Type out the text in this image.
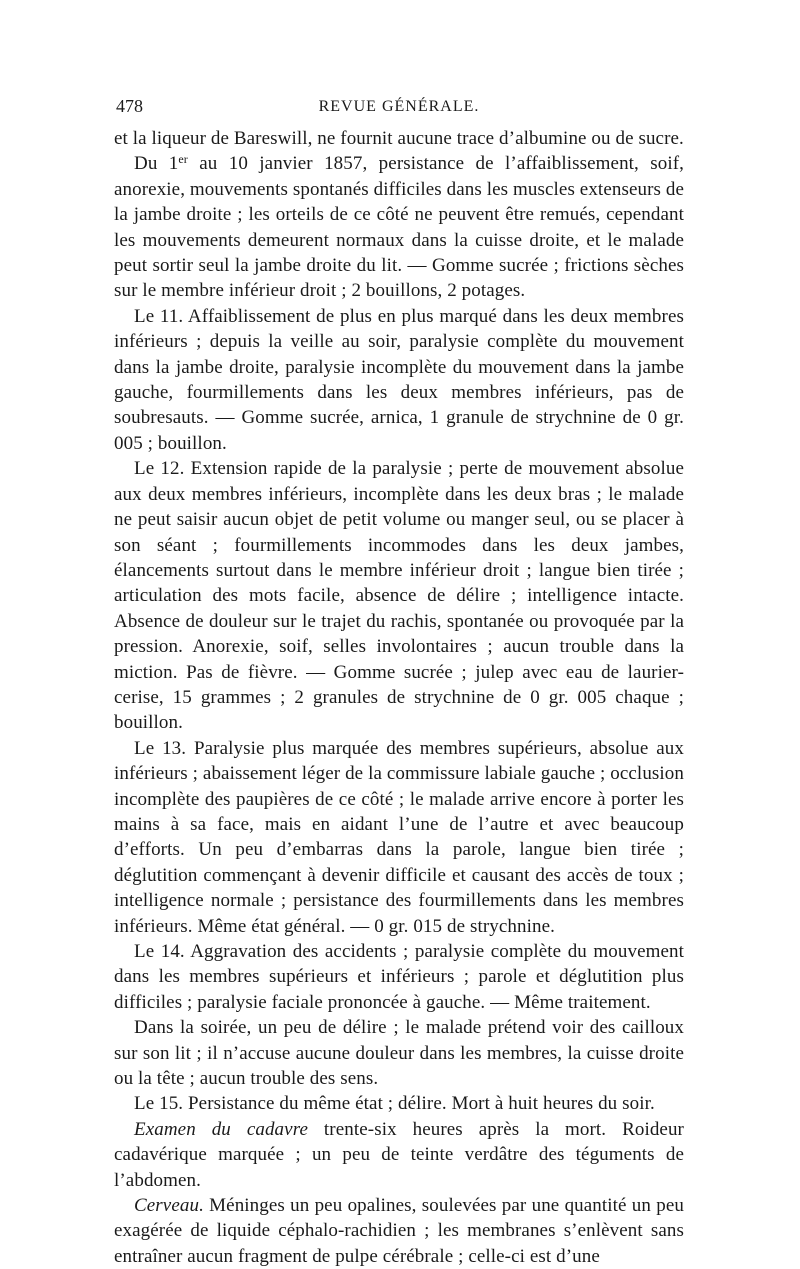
478	REVUE GÉNÉRALE.

et la liqueur de Bareswill, ne fournit aucune trace d’albumine ou de sucre.

Du 1er au 10 janvier 1857, persistance de l’affaiblissement, soif, anorexie, mouvements spontanés difficiles dans les muscles extenseurs de la jambe droite ; les orteils de ce côté ne peuvent être remués, cependant les mouvements demeurent normaux dans la cuisse droite, et le malade peut sortir seul la jambe droite du lit. — Gomme sucrée ; frictions sèches sur le membre inférieur droit ; 2 bouillons, 2 potages.

Le 11. Affaiblissement de plus en plus marqué dans les deux membres inférieurs ; depuis la veille au soir, paralysie complète du mouvement dans la jambe droite, paralysie incomplète du mouvement dans la jambe gauche, fourmillements dans les deux membres inférieurs, pas de soubresauts. — Gomme sucrée, arnica, 1 granule de strychnine de 0 gr. 005 ; bouillon.

Le 12. Extension rapide de la paralysie ; perte de mouvement absolue aux deux membres inférieurs, incomplète dans les deux bras ; le malade ne peut saisir aucun objet de petit volume ou manger seul, ou se placer à son séant ; fourmillements incommodes dans les deux jambes, élancements surtout dans le membre inférieur droit ; langue bien tirée ; articulation des mots facile, absence de délire ; intelligence intacte. Absence de douleur sur le trajet du rachis, spontanée ou provoquée par la pression. Anorexie, soif, selles involontaires ; aucun trouble dans la miction. Pas de fièvre. — Gomme sucrée ; julep avec eau de laurier-cerise, 15 grammes ; 2 granules de strychnine de 0 gr. 005 chaque ; bouillon.

Le 13. Paralysie plus marquée des membres supérieurs, absolue aux inférieurs ; abaissement léger de la commissure labiale gauche ; occlusion incomplète des paupières de ce côté ; le malade arrive encore à porter les mains à sa face, mais en aidant l’une de l’autre et avec beaucoup d’efforts. Un peu d’embarras dans la parole, langue bien tirée ; déglutition commençant à devenir difficile et causant des accès de toux ; intelligence normale ; persistance des fourmillements dans les membres inférieurs. Même état général. — 0 gr. 015 de strychnine.

Le 14. Aggravation des accidents ; paralysie complète du mouvement dans les membres supérieurs et inférieurs ; parole et déglutition plus difficiles ; paralysie faciale prononcée à gauche. — Même traitement.

Dans la soirée, un peu de délire ; le malade prétend voir des cailloux sur son lit ; il n’accuse aucune douleur dans les membres, la cuisse droite ou la tête ; aucun trouble des sens.

Le 15. Persistance du même état ; délire. Mort à huit heures du soir.

Examen du cadavre trente-six heures après la mort. Roideur cadavérique marquée ; un peu de teinte verdâtre des téguments de l’abdomen.

Cerveau. Méninges un peu opalines, soulevées par une quantité un peu exagérée de liquide céphalo-rachidien ; les membranes s’enlèvent sans entraîner aucun fragment de pulpe cérébrale ; celle-ci est d’une
